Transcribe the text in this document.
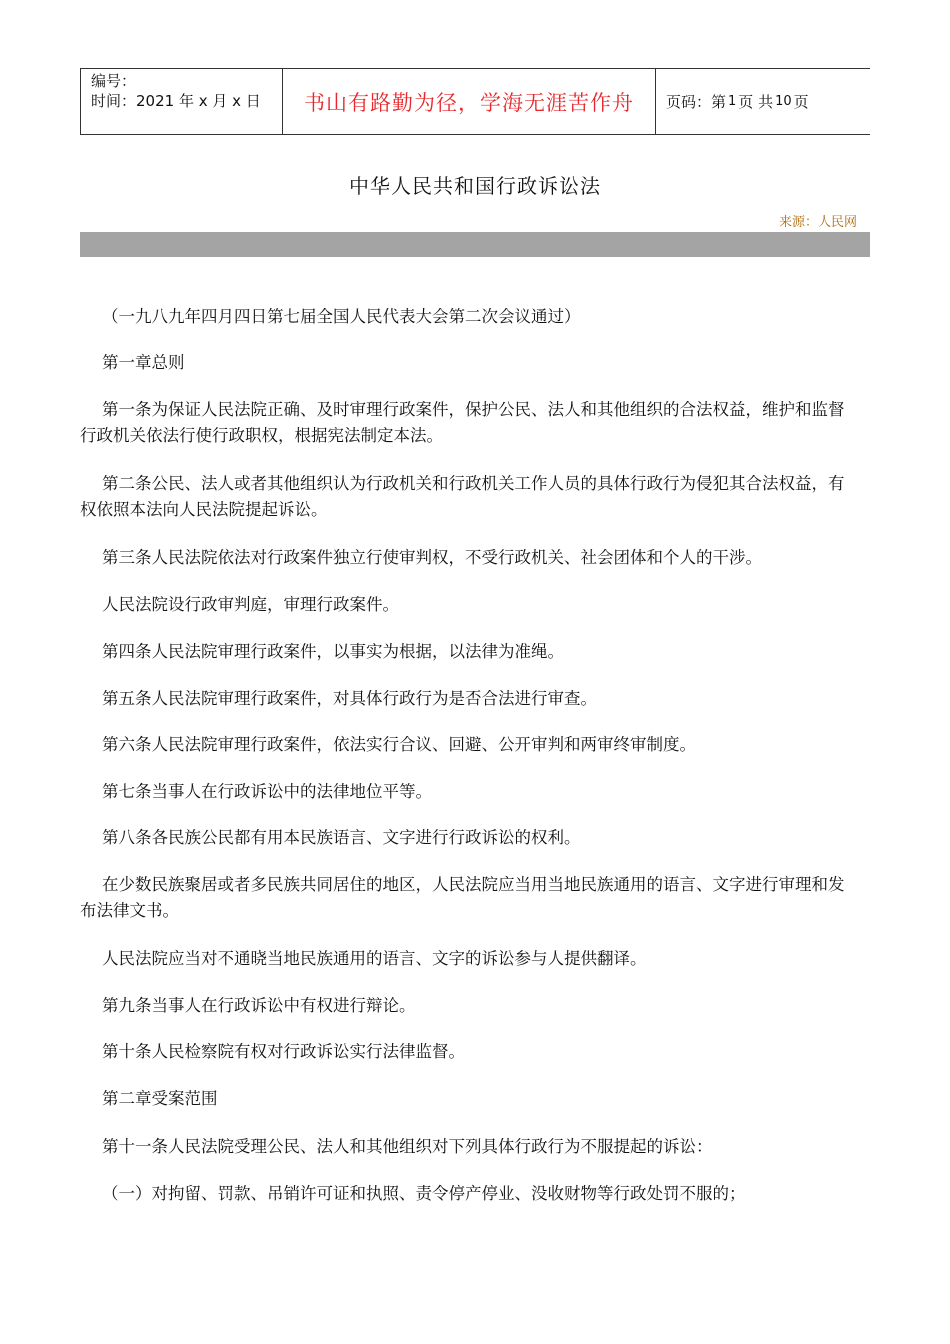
编号：
时间：2021 年 x 月 x 日	书山有路勤为径，学海无涯苦作舟 页码：第 1 页 共 10 页
中华人民共和国行政诉讼法
来源：人民网

（一九八九年四月四日第七届全国人民代表大会第二次会议通过）

第一章总则

第一条为保证人民法院正确、及时审理行政案件，保护公民、法人和其他组织的合法权益，维护和监督行政机关依法行使行政职权，根据宪法制定本法。

第二条公民、法人或者其他组织认为行政机关和行政机关工作人员的具体行政行为侵犯其合法权益，有权依照本法向人民法院提起诉讼。

第三条人民法院依法对行政案件独立行使审判权，不受行政机关、社会团体和个人的干涉。

人民法院设行政审判庭，审理行政案件。

第四条人民法院审理行政案件，以事实为根据，以法律为准绳。

第五条人民法院审理行政案件，对具体行政行为是否合法进行审查。

第六条人民法院审理行政案件，依法实行合议、回避、公开审判和两审终审制度。

第七条当事人在行政诉讼中的法律地位平等。

第八条各民族公民都有用本民族语言、文字进行行政诉讼的权利。

在少数民族聚居或者多民族共同居住的地区，人民法院应当用当地民族通用的语言、文字进行审理和发布法律文书。

人民法院应当对不通晓当地民族通用的语言、文字的诉讼参与人提供翻译。

第九条当事人在行政诉讼中有权进行辩论。

第十条人民检察院有权对行政诉讼实行法律监督。

第二章受案范围

第十一条人民法院受理公民、法人和其他组织对下列具体行政行为不服提起的诉讼：

（一）对拘留、罚款、吊销许可证和执照、责令停产停业、没收财物等行政处罚不服的；
